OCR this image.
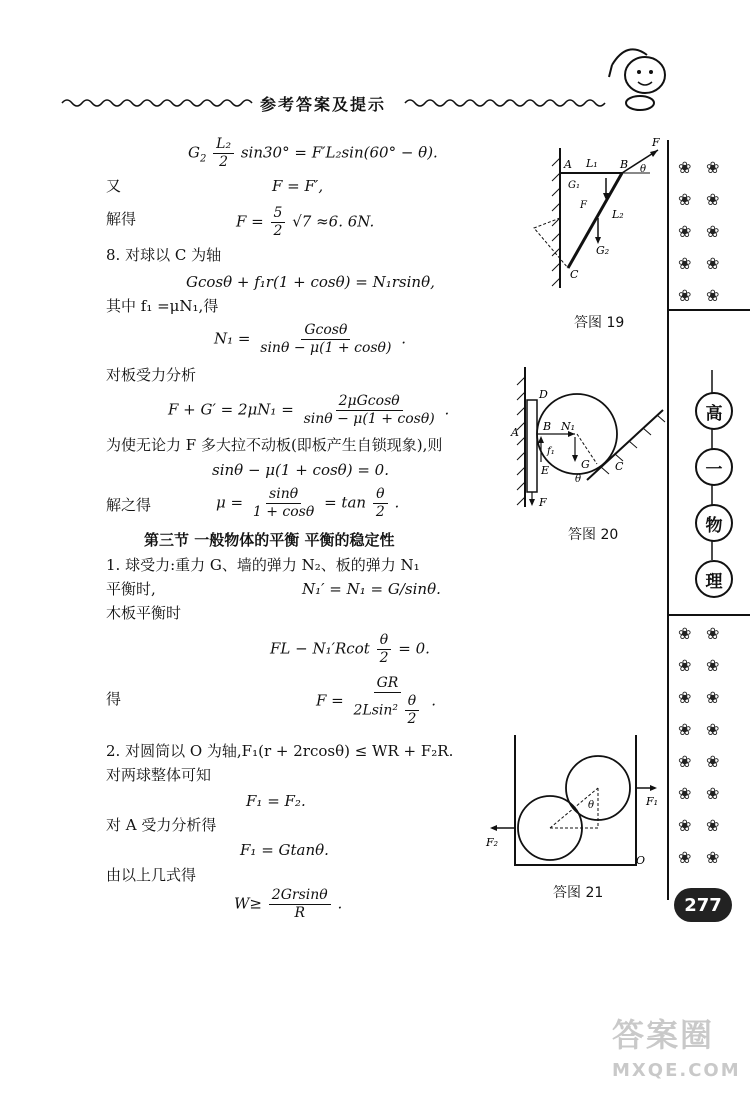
参考答案及提示
❀ ❀
❀ ❀
❀ ❀
❀ ❀
❀ ❀
高
一
物
理
❀ ❀
❀ ❀
❀ ❀
❀ ❀
❀ ❀
❀ ❀
❀ ❀
❀ ❀
277
$G_2 \frac{\text{L₂}}{2} \sin 30^\circ = F'L_2\sin(60^\circ - \theta)$.
又	F = F′,
解得	$F = \frac{5}{2} √7 \approx 6$. 6N.
8. 对球以 C 为轴
Gcosθ + f₁r(1 + cosθ) = N₁rsinθ,
其中 f₁ =μN₁,得
$N_1 = \frac{Gcos\theta}{\sin\theta - \mu(1 + \cos\theta)}$ .
对板受力分析
$F + G' = 2\mu N_1 = \frac{2\mu Gcos\theta}{\sin\theta - \mu(1 + \cos\theta)}$ .
为使无论力 F 多大拉不动板(即板产生自锁现象),则
sinθ − μ(1 + cosθ) = 0.
解之得	$\mu = \frac{\sin\theta}{1 + \cos\theta} = \tan \frac{\theta}{2}$ .
第三节 一般物体的平衡 平衡的稳定性
1. 球受力:重力 G、墙的弹力 N₂、板的弹力 N₁
平衡时,	N₁′ = N₁ = G/sinθ.
木板平衡时
FL − $N_1'Rcot \frac{\theta}{2} = 0$.
得	$F = \frac{GR}{2Lsin^2 \frac{\theta}{2}}$ .
2. 对圆筒以 O 为轴,F₁(r + 2rcosθ) ≤ WR + F₂R.
对两球整体可知
F₁ = F₂.
对 A 受力分析得
F₁ = Gtanθ.
由以上几式得
$W\ge \frac{2Grsin\theta}{R}$ .
A L₁ B
F
θ
G₁
F
L₂
G₂
C
答图 19
D
A B N₁
f₁
G C
θ
E
F
答图 20
θ	F₁
F₂
O
答图 21
答案圈
MXQE.COM
